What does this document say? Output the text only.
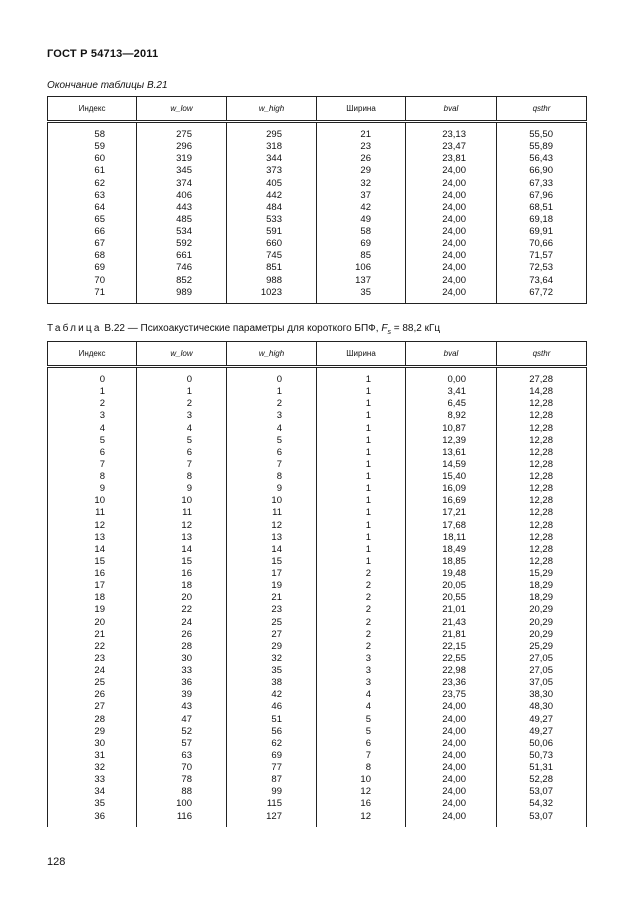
ГОСТ Р 54713—2011
Окончание таблицы В.21
Индекс	w_low	w_high	Ширина	bval	qsthr

58	275	295	21	23,13	55,50
59	296	318	23	23,47	55,89
60	319	344	26	23,81	56,43
61	345	373	29	24,00	66,90
62	374	405	32	24,00	67,33
63	406	442	37	24,00	67,96
64	443	484	42	24,00	68,51
65	485	533	49	24,00	69,18
66	534	591	58	24,00	69,91
67	592	660	69	24,00	70,66
68	661	745	85	24,00	71,57
69	746	851	106	24,00	72,53
70	852	988	137	24,00	73,64
71	989	1023	35	24,00	67,72

Таблица В.22 — Психоакустические параметры для короткого БПФ, $F_s = 88,2$ кГц
Индекс	w_low	w_high	Ширина	bval	qsthr

0	0	0	1	0,00	27,28
1	1	1	1	3,41	14,28
2	2	2	1	6,45	12,28
3	3	3	1	8,92	12,28
4	4	4	1	10,87	12,28
5	5	5	1	12,39	12,28
6	6	6	1	13,61	12,28
7	7	7	1	14,59	12,28
8	8	8	1	15,40	12,28
9	9	9	1	16,09	12,28
10	10	10	1	16,69	12,28
11	11	11	1	17,21	12,28
12	12	12	1	17,68	12,28
13	13	13	1	18,11	12,28
14	14	14	1	18,49	12,28
15	15	15	1	18,85	12,28
16	16	17	2	19,48	15,29
17	18	19	2	20,05	18,29
18	20	21	2	20,55	18,29
19	22	23	2	21,01	20,29
20	24	25	2	21,43	20,29
21	26	27	2	21,81	20,29
22	28	29	2	22,15	25,29
23	30	32	3	22,55	27,05
24	33	35	3	22,98	27,05
25	36	38	3	23,36	37,05
26	39	42	4	23,75	38,30
27	43	46	4	24,00	48,30
28	47	51	5	24,00	49,27
29	52	56	5	24,00	49,27
30	57	62	6	24,00	50,06
31	63	69	7	24,00	50,73
32	70	77	8	24,00	51,31
33	78	87	10	24,00	52,28
34	88	99	12	24,00	53,07
35	100	115	16	24,00	54,32
36	116	127	12	24,00	53,07

128
